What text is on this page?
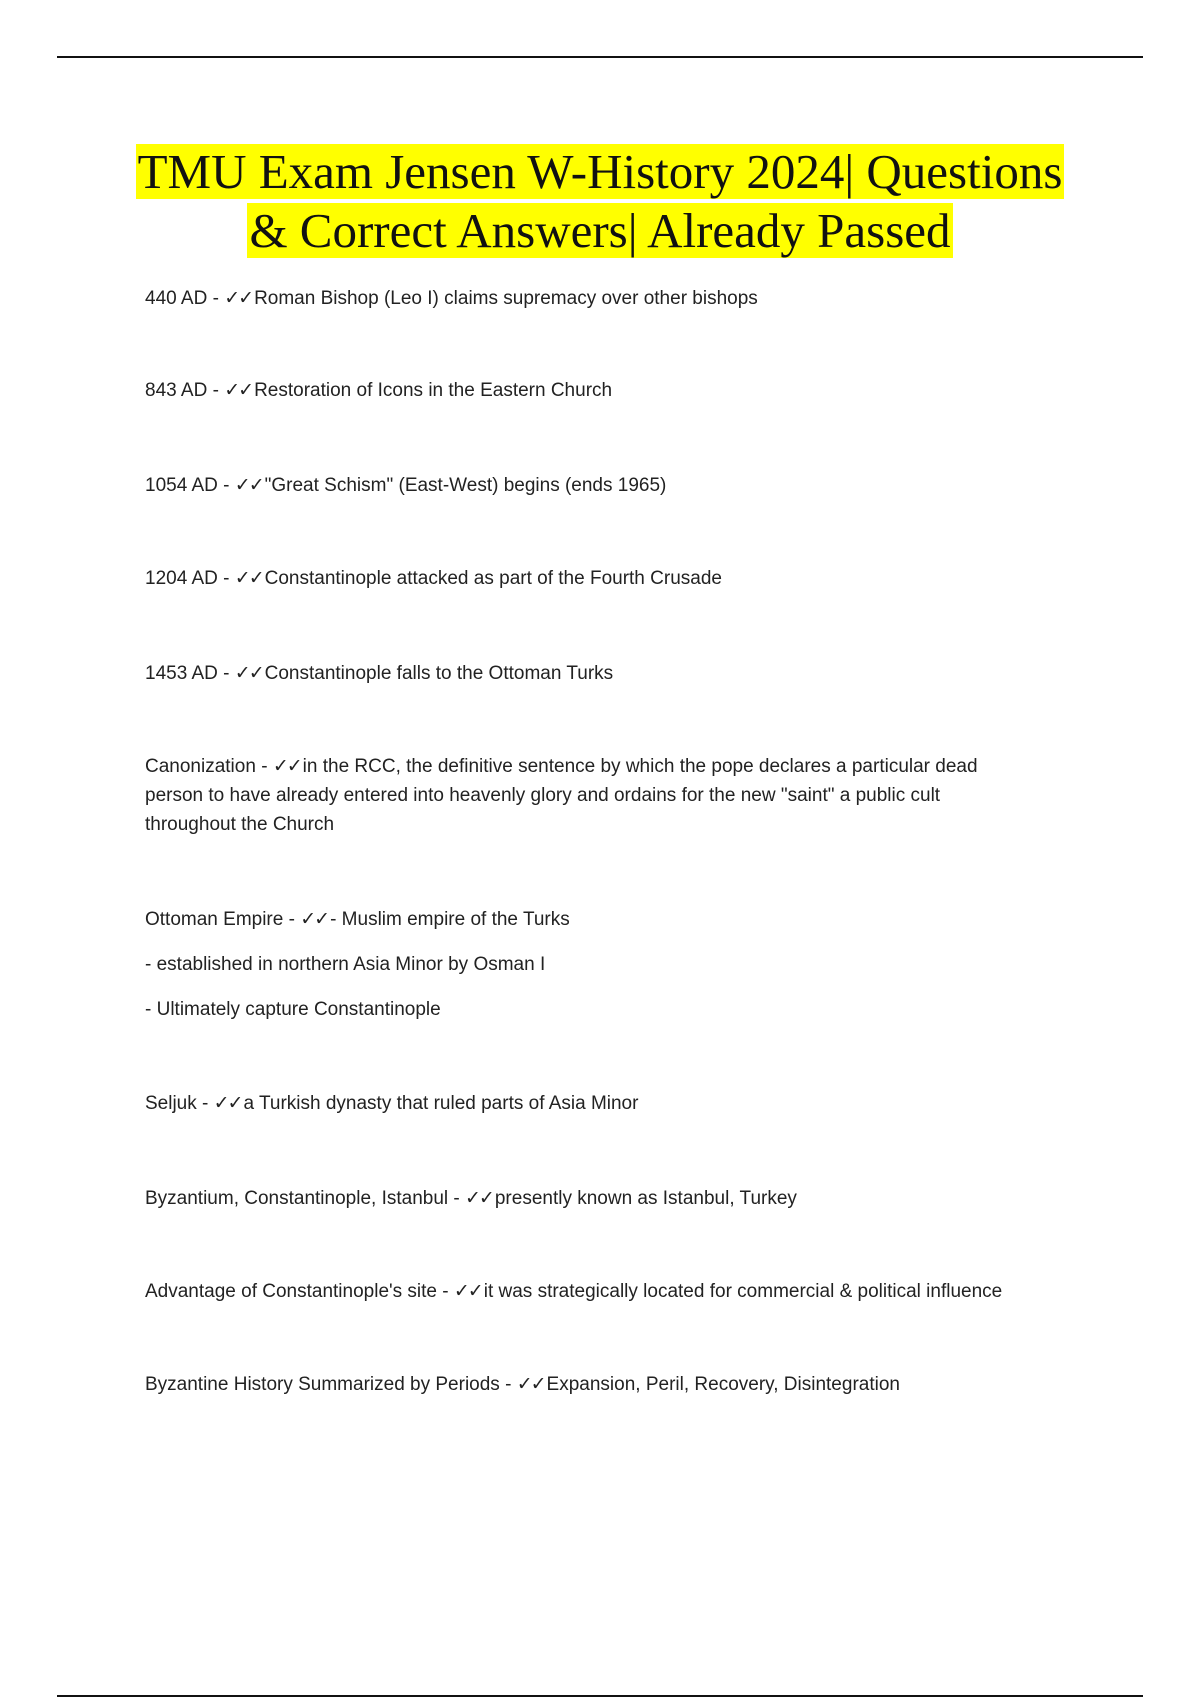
TMU Exam Jensen W-History 2024| Questions
& Correct Answers| Already Passed
440 AD - ✓✓ Roman Bishop (Leo I) claims supremacy over other bishops
843 AD - ✓✓ Restoration of Icons in the Eastern Church
1054 AD - ✓✓ "Great Schism" (East-West) begins (ends 1965)
1204 AD - ✓✓ Constantinople attacked as part of the Fourth Crusade
1453 AD - ✓✓ Constantinople falls to the Ottoman Turks
Canonization - ✓✓ in the RCC, the definitive sentence by which the pope declares a particular dead
person to have already entered into heavenly glory and ordains for the new "saint" a public cult
throughout the Church
Ottoman Empire - ✓✓ - Muslim empire of the Turks
- established in northern Asia Minor by Osman I
- Ultimately capture Constantinople
Seljuk - ✓✓ a Turkish dynasty that ruled parts of Asia Minor
Byzantium, Constantinople, Istanbul - ✓✓ presently known as Istanbul, Turkey
Advantage of Constantinople's site - ✓✓ it was strategically located for commercial & political influence
Byzantine History Summarized by Periods - ✓✓ Expansion, Peril, Recovery, Disintegration
